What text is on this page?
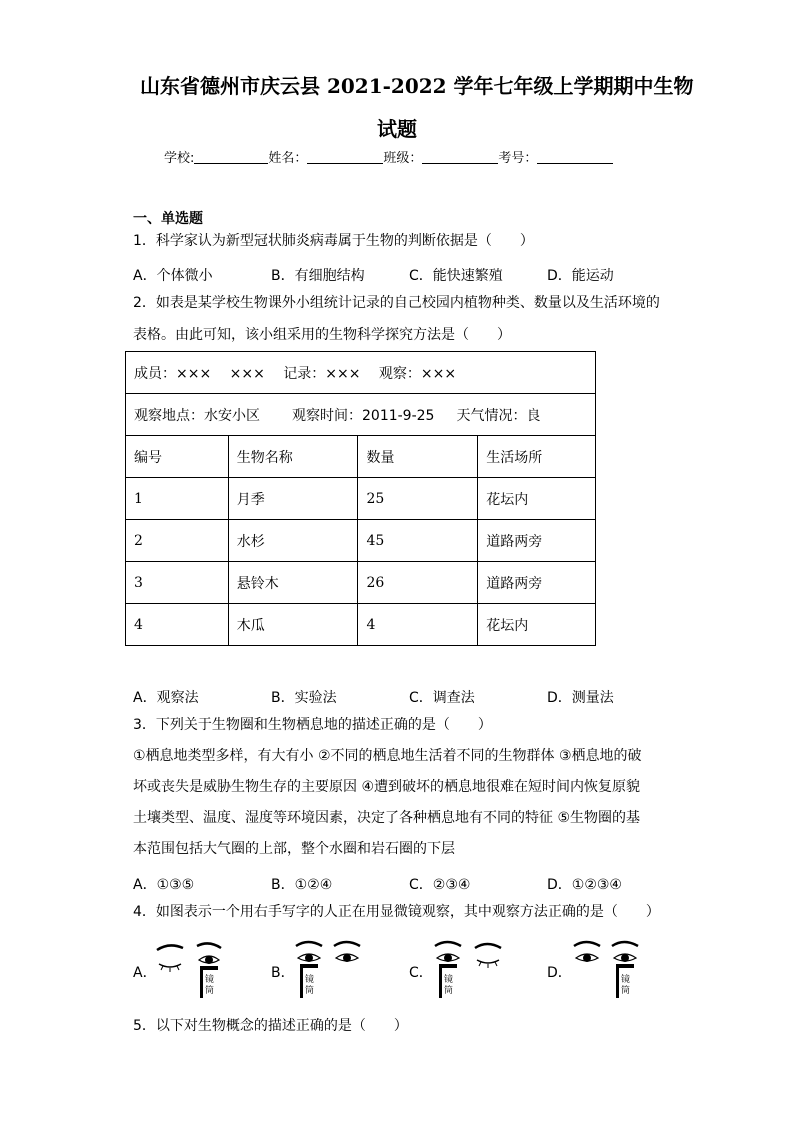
山东省德州市庆云县 2021-2022 学年七年级上学期期中生物
试题
学校:	姓名：	班级：	考号：
一、单选题
1．科学家认为新型冠状肺炎病毒属于生物的判断依据是（　　）
A．个体微小	B．有细胞结构	C．能快速繁殖	D．能运动
2．如表是某学校生物课外小组统计记录的自己校园内植物种类、数量以及生活环境的
表格。由此可知，该小组采用的生物科学探究方法是（　　）
成员：×××　 ×××　 记录：×××　 观察：×××			
观察地点：水安小区 观察时间：2011-9-25 天气情况：良			
编号	生物名称	数量	生活场所
1	月季	25	花坛内
2	水杉	45	道路两旁
3	悬铃木	26	道路两旁
4	木瓜	4	花坛内
A．观察法	B．实验法	C．调查法	D．测量法
3．下列关于生物圈和生物栖息地的描述正确的是（　　）
①栖息地类型多样，有大有小 ②不同的栖息地生活着不同的生物群体 ③栖息地的破
坏或丧失是威胁生物生存的主要原因 ④遭到破坏的栖息地很难在短时间内恢复原貌
土壤类型、温度、湿度等环境因素，决定了各种栖息地有不同的特征 ⑤生物圈的基
本范围包括大气圈的上部，整个水圈和岩石圈的下层
A．①③⑤	B．①②④	C．②③④	D．①②③④
4．如图表示一个用右手写字的人正在用显微镜观察，其中观察方法正确的是（　　）
A．	镜
筒
B． 镜
筒
C． 镜
筒
D．	镜
筒
5．以下对生物概念的描述正确的是（　　）
